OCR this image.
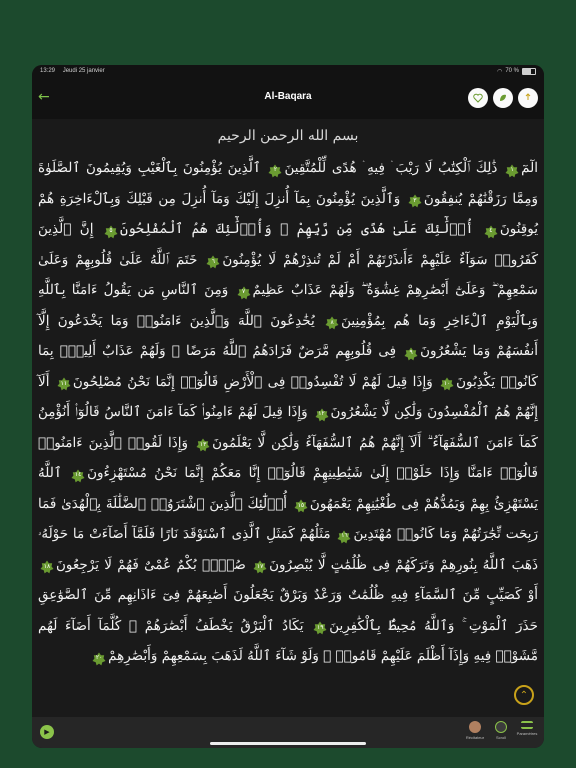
13:29 Jeudi 25 janvier	◠ 70 %
←	Al-Baqara
بسم الله الرحمن الرحيم
الٓمٓ
١
ذَٰلِكَ ٱلْكِتَٰبُ لَا رَيْبَ ۛ فِيهِ ۛ هُدًى لِّلْمُتَّقِينَ
٢
ٱلَّذِينَ يُؤْمِنُونَ بِٱلْغَيْبِ وَيُقِيمُونَ ٱلصَّلَوٰةَ وَمِمَّا رَزَقْنَٰهُمْ يُنفِقُونَ
٣
وَٱلَّذِينَ يُؤْمِنُونَ بِمَآ أُنزِلَ إِلَيْكَ وَمَآ أُنزِلَ مِن قَبْلِكَ وَبِٱلْءَاخِرَةِ هُمْ يُوقِنُونَ
٤
أُو۟لَٰٓئِكَ عَلَىٰ هُدًى مِّن رَّبِّهِمْ ۖ وَأُو۟لَٰٓئِكَ هُمُ ٱلْمُفْلِحُونَ
٥
إِنَّ ٱلَّذِينَ كَفَرُوا۟ سَوَآءٌ عَلَيْهِمْ ءَأَنذَرْتَهُمْ أَمْ لَمْ تُنذِرْهُمْ لَا يُؤْمِنُونَ
٦
خَتَمَ ٱللَّهُ عَلَىٰ قُلُوبِهِمْ وَعَلَىٰ سَمْعِهِمْ ۖ وَعَلَىٰٓ أَبْصَٰرِهِمْ غِشَٰوَةٌ ۖ وَلَهُمْ عَذَابٌ عَظِيمٌ
٧
وَمِنَ ٱلنَّاسِ مَن يَقُولُ ءَامَنَّا بِٱللَّهِ وَبِٱلْيَوْمِ ٱلْءَاخِرِ وَمَا هُم بِمُؤْمِنِينَ
٨
يُخَٰدِعُونَ ٱللَّهَ وَٱلَّذِينَ ءَامَنُوا۟ وَمَا يَخْدَعُونَ إِلَّآ أَنفُسَهُمْ وَمَا يَشْعُرُونَ
٩
فِى قُلُوبِهِم مَّرَضٌ فَزَادَهُمُ ٱللَّهُ مَرَضًا ۖ وَلَهُمْ عَذَابٌ أَلِيمٌۢ بِمَا كَانُوا۟ يَكْذِبُونَ
١٠
وَإِذَا قِيلَ لَهُمْ لَا تُفْسِدُوا۟ فِى ٱلْأَرْضِ قَالُوٓا۟ إِنَّمَا نَحْنُ مُصْلِحُونَ
١١
أَلَآ إِنَّهُمْ هُمُ ٱلْمُفْسِدُونَ وَلَٰكِن لَّا يَشْعُرُونَ
١٢
وَإِذَا قِيلَ لَهُمْ ءَامِنُوا۟ كَمَآ ءَامَنَ ٱلنَّاسُ قَالُوٓا۟ أَنُؤْمِنُ كَمَآ ءَامَنَ ٱلسُّفَهَآءُ ۗ أَلَآ إِنَّهُمْ هُمُ ٱلسُّفَهَآءُ وَلَٰكِن لَّا يَعْلَمُونَ
١٣
وَإِذَا لَقُوا۟ ٱلَّذِينَ ءَامَنُوا۟ قَالُوٓا۟ ءَامَنَّا وَإِذَا خَلَوْا۟ إِلَىٰ شَيَٰطِينِهِمْ قَالُوٓا۟ إِنَّا مَعَكُمْ إِنَّمَا نَحْنُ مُسْتَهْزِءُونَ
١٤
ٱللَّهُ يَسْتَهْزِئُ بِهِمْ وَيَمُدُّهُمْ فِى طُغْيَٰنِهِمْ يَعْمَهُونَ
١٥
أُو۟لَٰٓئِكَ ٱلَّذِينَ ٱشْتَرَوُا۟ ٱلضَّلَٰلَةَ بِٱلْهُدَىٰ فَمَا رَبِحَت تِّجَٰرَتُهُمْ وَمَا كَانُوا۟ مُهْتَدِينَ
١٦
مَثَلُهُمْ كَمَثَلِ ٱلَّذِى ٱسْتَوْقَدَ نَارًا فَلَمَّآ أَضَآءَتْ مَا حَوْلَهُۥ ذَهَبَ ٱللَّهُ بِنُورِهِمْ وَتَرَكَهُمْ فِى ظُلُمَٰتٍ لَّا يُبْصِرُونَ
١٧
صُمٌّۢ بُكْمٌ عُمْىٌ فَهُمْ لَا يَرْجِعُونَ
١٨
أَوْ كَصَيِّبٍ مِّنَ ٱلسَّمَآءِ فِيهِ ظُلُمَٰتٌ وَرَعْدٌ وَبَرْقٌ يَجْعَلُونَ أَصَٰبِعَهُمْ فِىٓ ءَاذَانِهِم مِّنَ ٱلصَّوَٰعِقِ حَذَرَ ٱلْمَوْتِ ۚ وَٱللَّهُ مُحِيطٌۢ بِٱلْكَٰفِرِينَ
١٩
يَكَادُ ٱلْبَرْقُ يَخْطَفُ أَبْصَٰرَهُمْ ۖ كُلَّمَآ أَضَآءَ لَهُم مَّشَوْا۟ فِيهِ وَإِذَآ أَظْلَمَ عَلَيْهِمْ قَامُوا۟ ۚ وَلَوْ شَآءَ ٱللَّهُ لَذَهَبَ بِسَمْعِهِمْ وَأَبْصَٰرِهِمْ
٢٠
⌃
▶
Récitateur	Scroll
Paramètres
